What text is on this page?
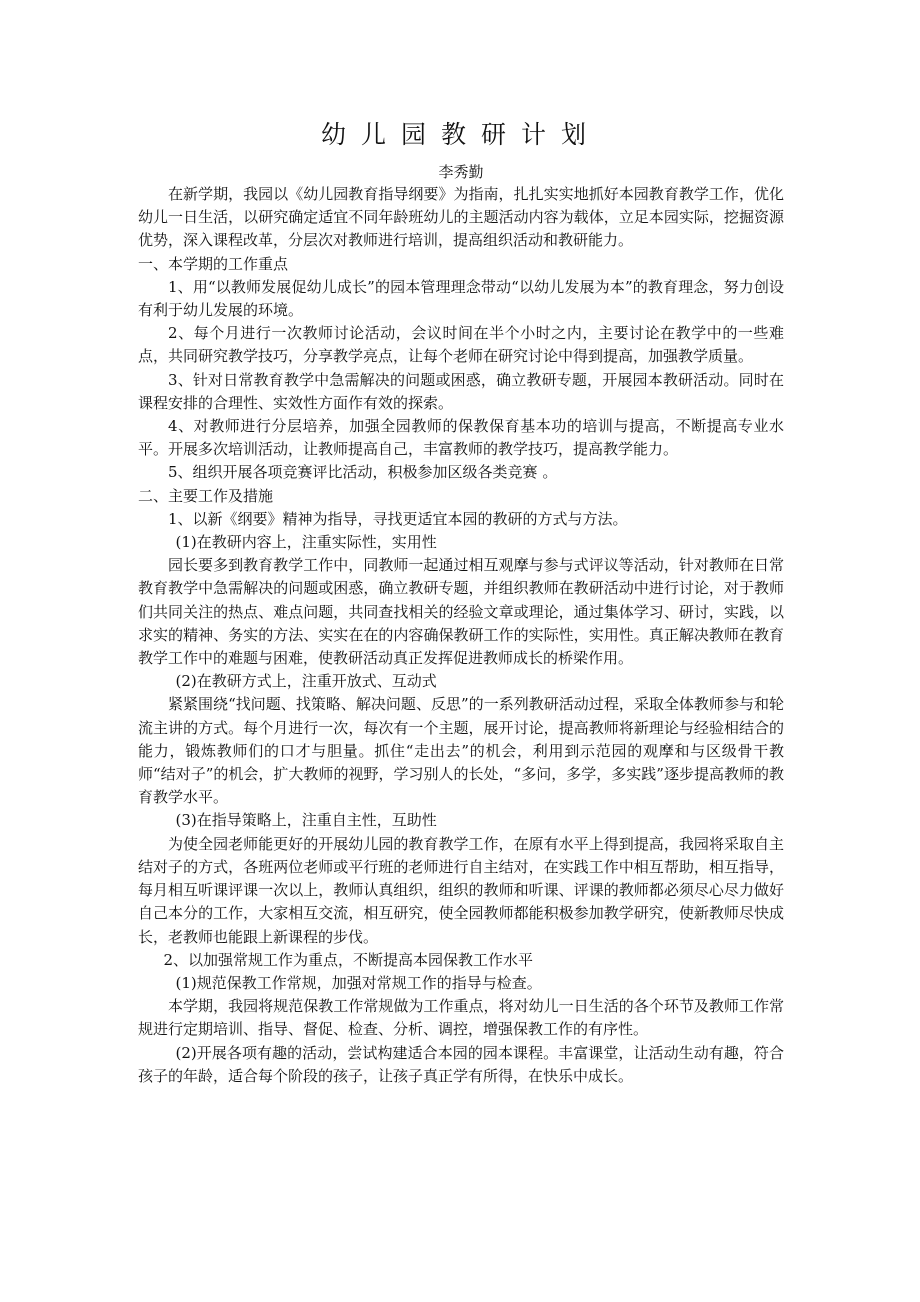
幼儿园教研计划
李秀勤

在新学期，我园以《幼儿园教育指导纲要》为指南，扎扎实实地抓好本园教育教学工作，优化幼儿一日生活，以研究确定适宜不同年龄班幼儿的主题活动内容为载体，立足本园实际，挖掘资源优势，深入课程改革，分层次对教师进行培训，提高组织活动和教研能力。

一、本学期的工作重点

1、用“以教师发展促幼儿成长”的园本管理理念带动“以幼儿发展为本”的教育理念，努力创设有利于幼儿发展的环境。

2、每个月进行一次教师讨论活动，会议时间在半个小时之内，主要讨论在教学中的一些难点，共同研究教学技巧，分享教学亮点，让每个老师在研究讨论中得到提高，加强教学质量。

3、针对日常教育教学中急需解决的问题或困惑，确立教研专题，开展园本教研活动。同时在课程安排的合理性、实效性方面作有效的探索。

4、对教师进行分层培养，加强全园教师的保教保育基本功的培训与提高，不断提高专业水平。开展多次培训活动，让教师提高自己，丰富教师的教学技巧，提高教学能力。

5、组织开展各项竞赛评比活动，积极参加区级各类竞赛 。

二、主要工作及措施

1、以新《纲要》精神为指导，寻找更适宜本园的教研的方式与方法。

(1)在教研内容上，注重实际性，实用性

园长要多到教育教学工作中，同教师一起通过相互观摩与参与式评议等活动，针对教师在日常教育教学中急需解决的问题或困惑，确立教研专题，并组织教师在教研活动中进行讨论，对于教师们共同关注的热点、难点问题，共同查找相关的经验文章或理论，通过集体学习、研讨，实践，以求实的精神、务实的方法、实实在在的内容确保教研工作的实际性，实用性。真正解决教师在教育教学工作中的难题与困难，使教研活动真正发挥促进教师成长的桥梁作用。

(2)在教研方式上，注重开放式、互动式

紧紧围绕“找问题、找策略、解决问题、反思”的一系列教研活动过程，采取全体教师参与和轮流主讲的方式。每个月进行一次，每次有一个主题，展开讨论，提高教师将新理论与经验相结合的能力，锻炼教师们的口才与胆量。抓住“走出去”的机会，利用到示范园的观摩和与区级骨干教师“结对子”的机会，扩大教师的视野，学习别人的长处，“多问，多学，多实践”逐步提高教师的教育教学水平。

(3)在指导策略上，注重自主性，互助性

为使全园老师能更好的开展幼儿园的教育教学工作，在原有水平上得到提高，我园将采取自主结对子的方式，各班两位老师或平行班的老师进行自主结对，在实践工作中相互帮助，相互指导，每月相互听课评课一次以上，教师认真组织，组织的教师和听课、评课的教师都必须尽心尽力做好自己本分的工作，大家相互交流，相互研究，使全园教师都能积极参加教学研究，使新教师尽快成长，老教师也能跟上新课程的步伐。

2、以加强常规工作为重点，不断提高本园保教工作水平

(1)规范保教工作常规，加强对常规工作的指导与检查。

本学期，我园将规范保教工作常规做为工作重点，将对幼儿一日生活的各个环节及教师工作常规进行定期培训、指导、督促、检查、分析、调控，增强保教工作的有序性。

(2)开展各项有趣的活动，尝试构建适合本园的园本课程。丰富课堂，让活动生动有趣，符合孩子的年龄，适合每个阶段的孩子，让孩子真正学有所得，在快乐中成长。
